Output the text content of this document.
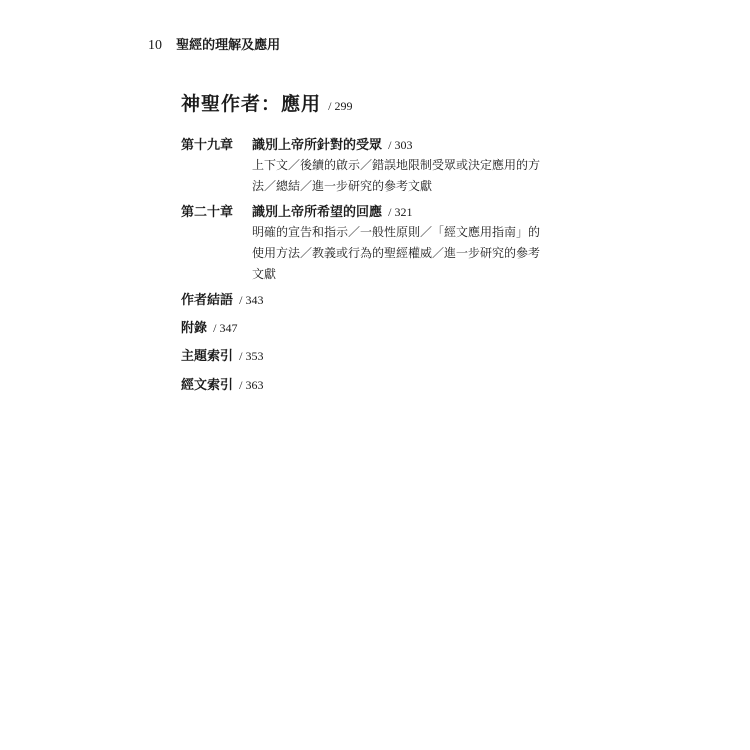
10 聖經的理解及應用
神聖作者：應用 / 299
第十九章 識別上帝所針對的受眾 / 303
上下文／後續的啟示／錯誤地限制受眾或決定應用的方
法／總結／進一步研究的參考文獻
第二十章 識別上帝所希望的回應 / 321
明確的宣告和指示／一般性原則／「經文應用指南」的
使用方法／教義或行為的聖經權威／進一步研究的參考
文獻
作者結語 / 343
附錄 / 347
主題索引 / 353
經文索引 / 363
